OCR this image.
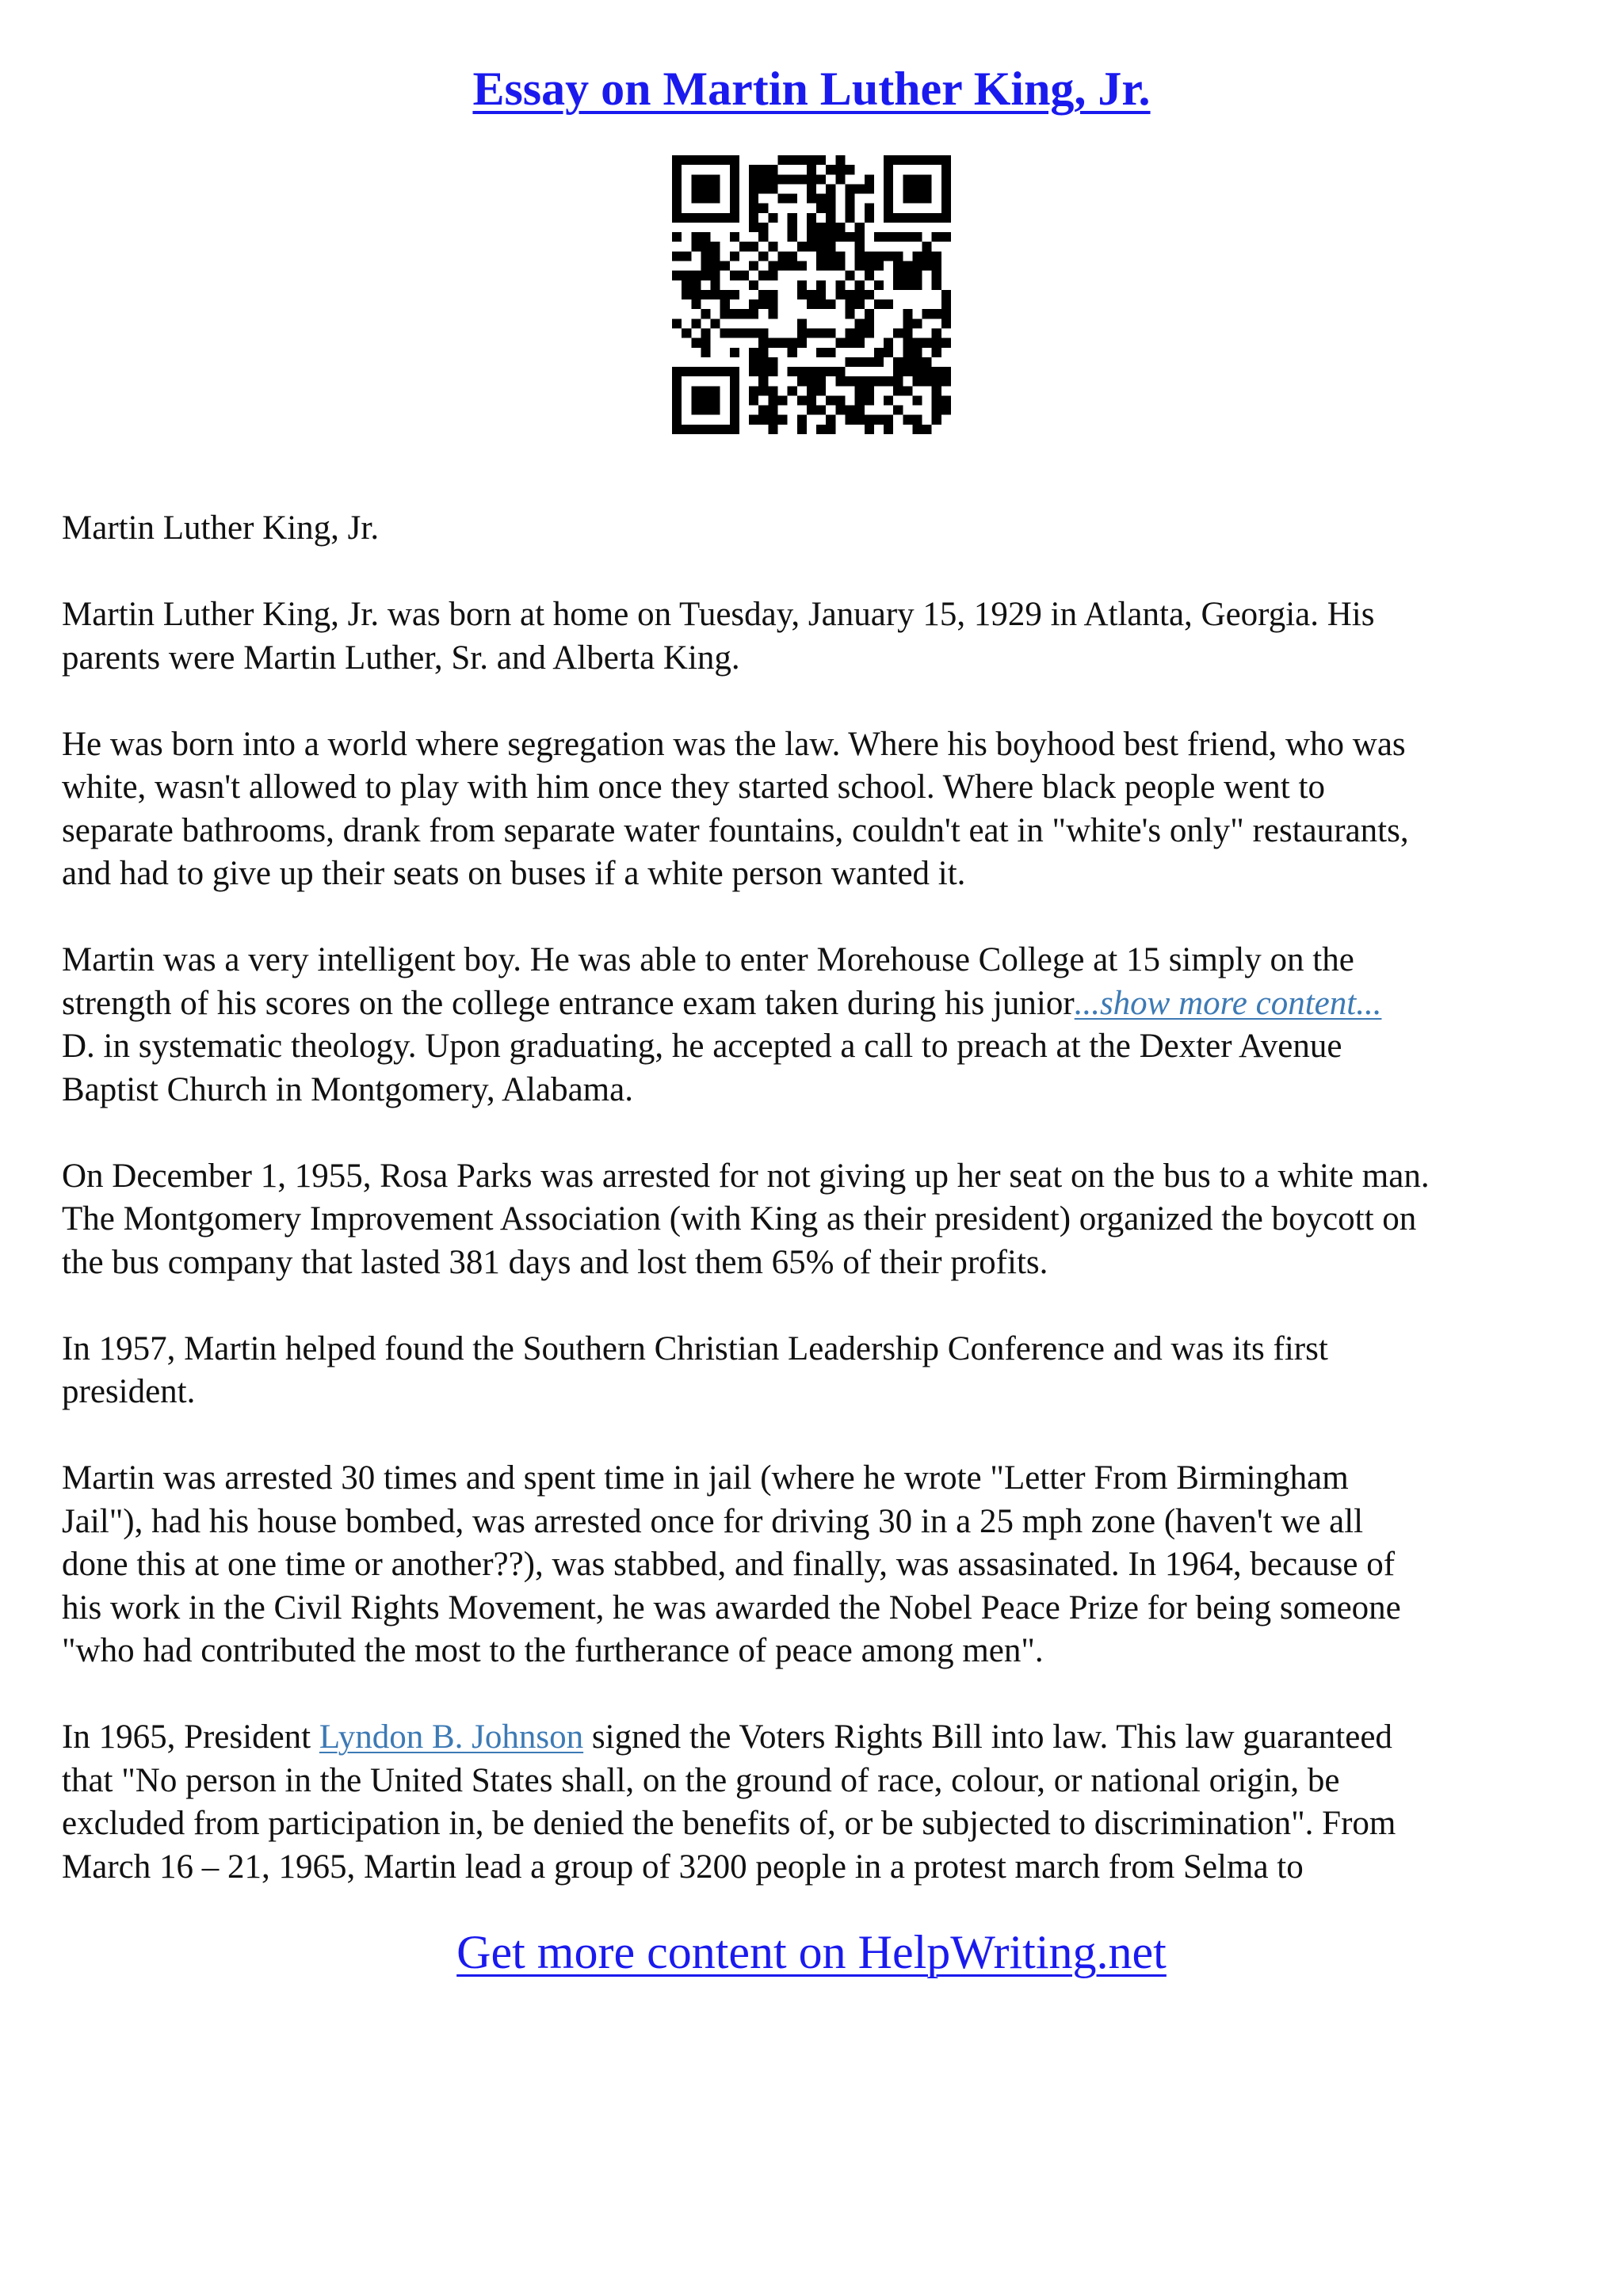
Essay on Martin Luther King, Jr.

Martin Luther King, Jr.

Martin Luther King, Jr. was born at home on Tuesday, January 15, 1929 in Atlanta, Georgia. His
parents were Martin Luther, Sr. and Alberta King.

He was born into a world where segregation was the law. Where his boyhood best friend, who was
white, wasn't allowed to play with him once they started school. Where black people went to
separate bathrooms, drank from separate water fountains, couldn't eat in "white's only" restaurants,
and had to give up their seats on buses if a white person wanted it.

Martin was a very intelligent boy. He was able to enter Morehouse College at 15 simply on the
strength of his scores on the college entrance exam taken during his junior...show more content...
D. in systematic theology. Upon graduating, he accepted a call to preach at the Dexter Avenue
Baptist Church in Montgomery, Alabama.

On December 1, 1955, Rosa Parks was arrested for not giving up her seat on the bus to a white man.
The Montgomery Improvement Association (with King as their president) organized the boycott on
the bus company that lasted 381 days and lost them 65% of their profits.

In 1957, Martin helped found the Southern Christian Leadership Conference and was its first
president.

Martin was arrested 30 times and spent time in jail (where he wrote "Letter From Birmingham
Jail"), had his house bombed, was arrested once for driving 30 in a 25 mph zone (haven't we all
done this at one time or another??), was stabbed, and finally, was assasinated. In 1964, because of
his work in the Civil Rights Movement, he was awarded the Nobel Peace Prize for being someone
"who had contributed the most to the furtherance of peace among men".

In 1965, President Lyndon B. Johnson signed the Voters Rights Bill into law. This law guaranteed
that "No person in the United States shall, on the ground of race, colour, or national origin, be
excluded from participation in, be denied the benefits of, or be subjected to discrimination". From
March 16 – 21, 1965, Martin lead a group of 3200 people in a protest march from Selma to

Get more content on HelpWriting.net
